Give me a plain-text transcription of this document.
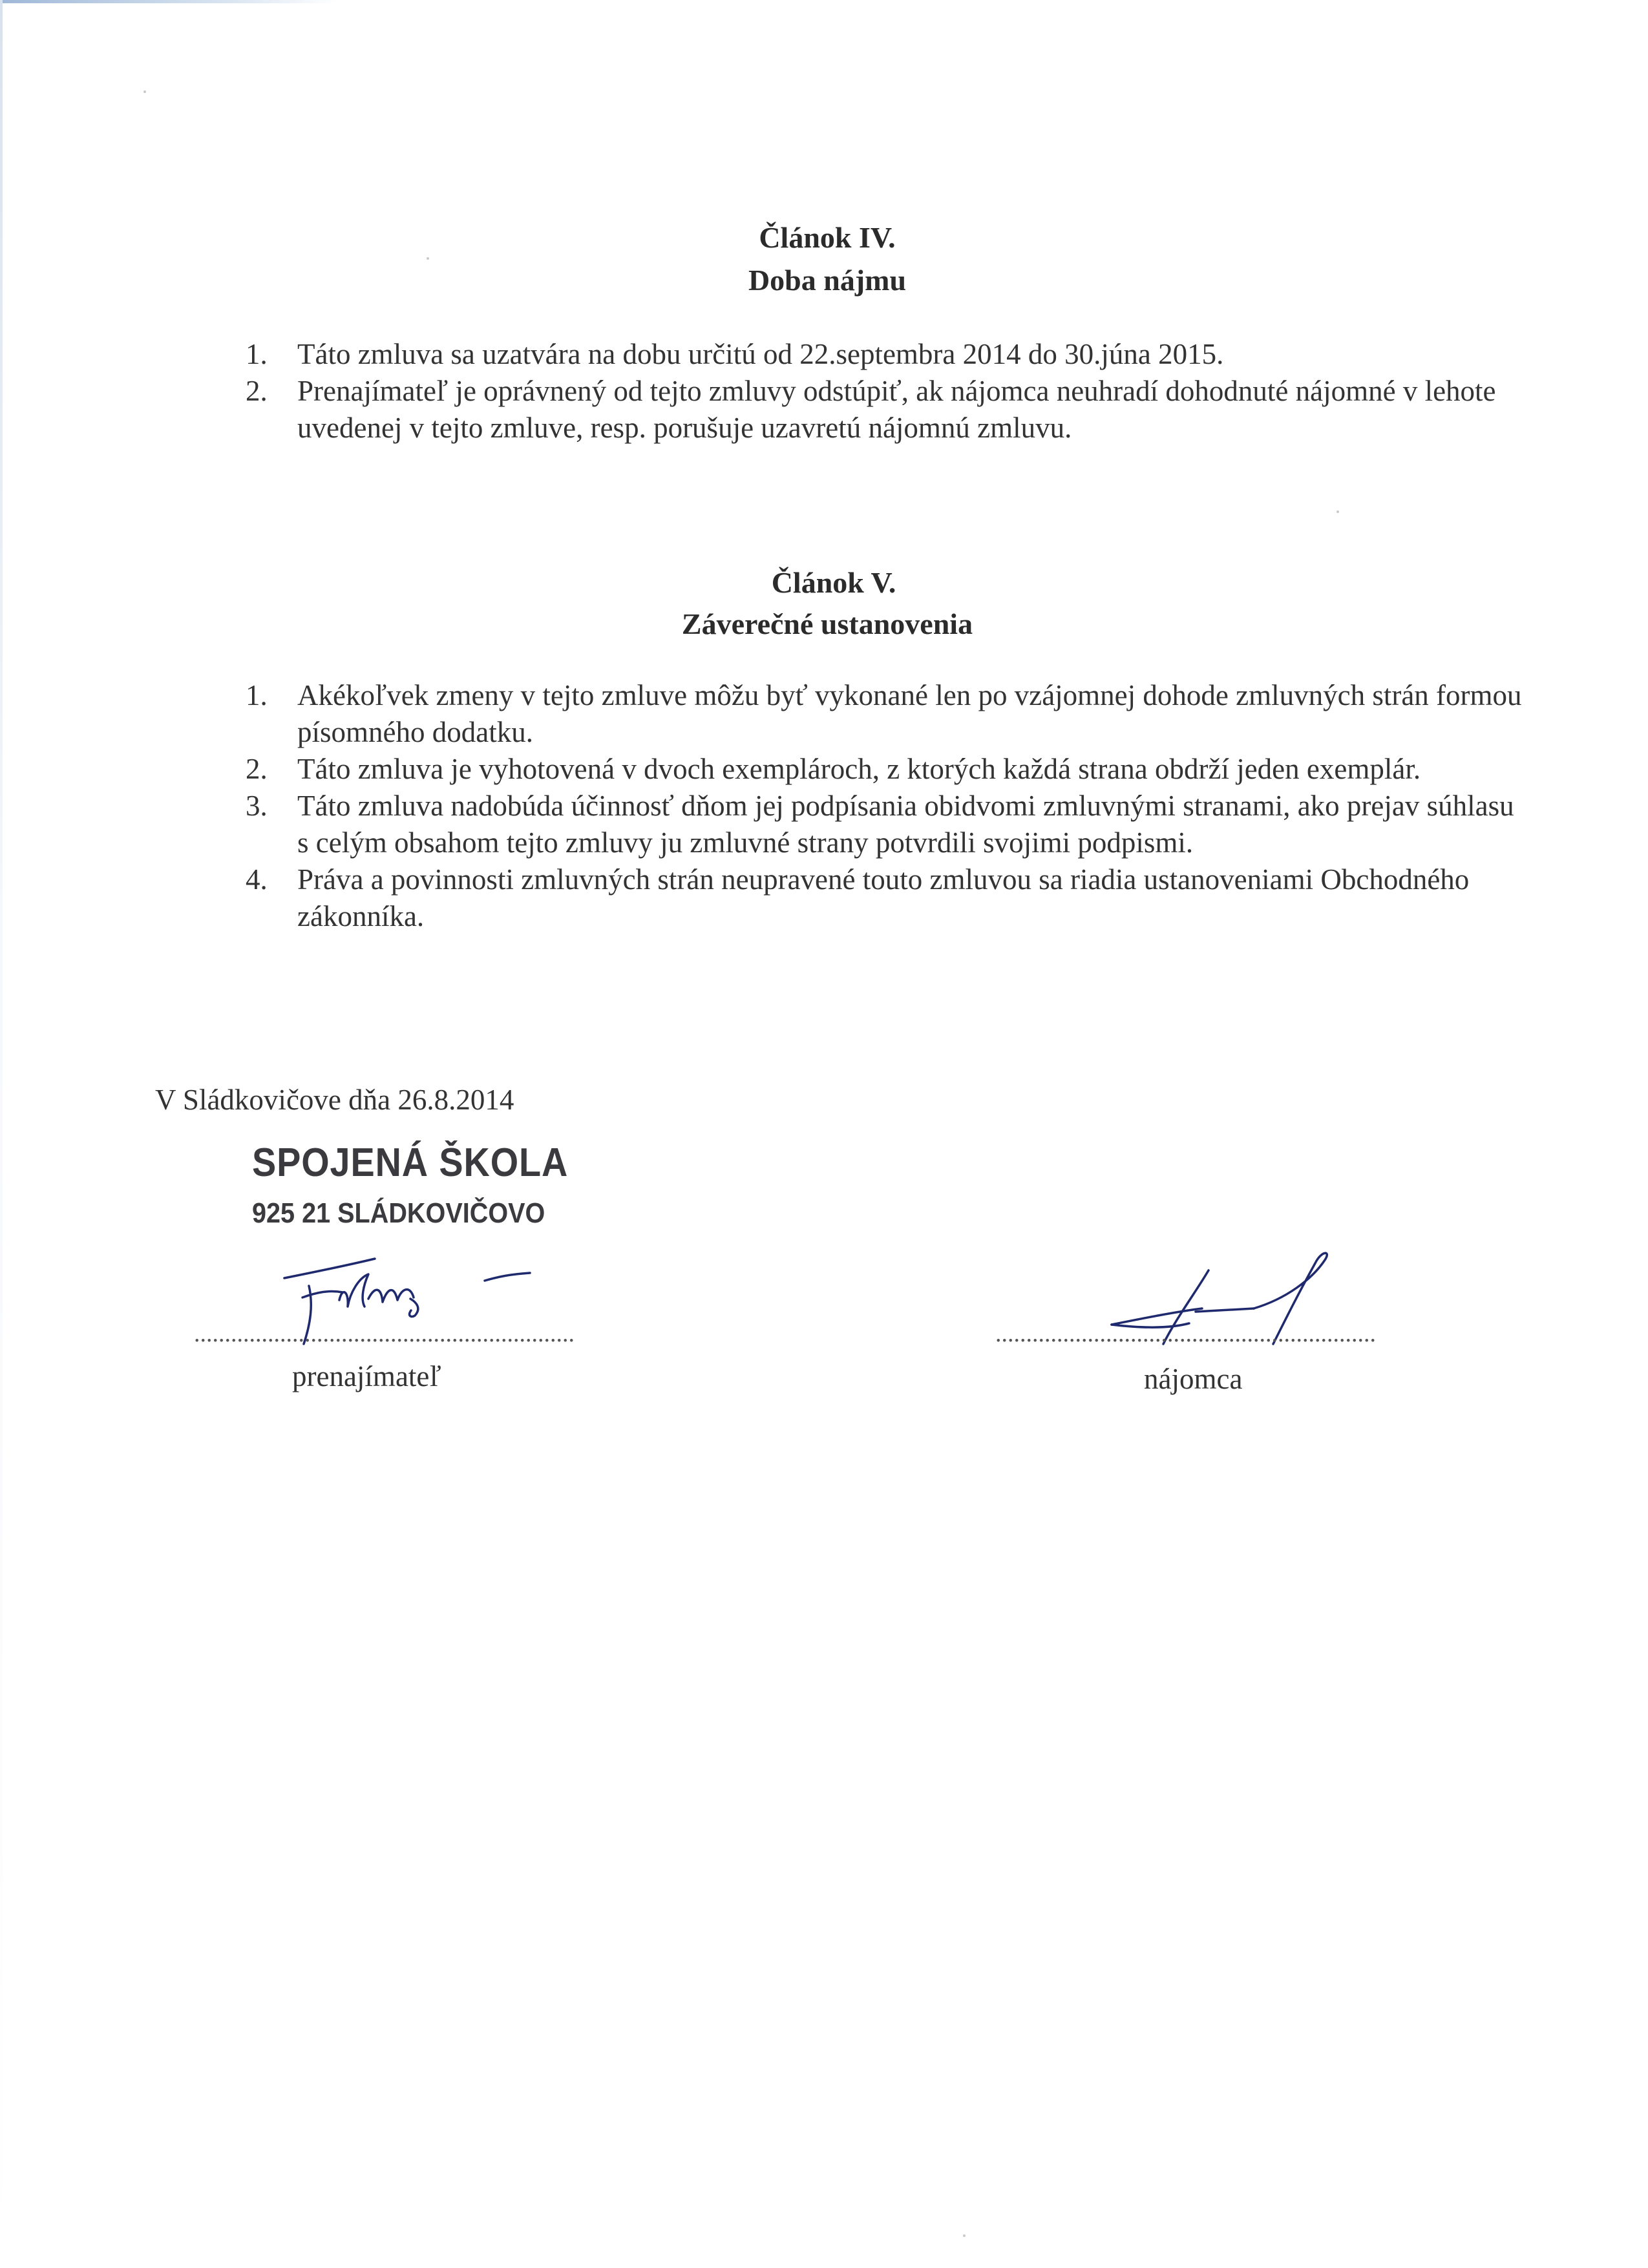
Článok IV.
Doba nájmu
1. Táto zmluva sa uzatvára na dobu určitú od 22.septembra 2014 do 30.júna 2015.
2. Prenajímateľ je oprávnený od tejto zmluvy odstúpiť, ak nájomca neuhradí dohodnuté nájomné v lehote uvedenej v tejto zmluve, resp. porušuje uzavretú nájomnú zmluvu.
Článok V.
Záverečné ustanovenia
1. Akékoľvek zmeny v tejto zmluve môžu byť vykonané len po vzájomnej dohode zmluvných strán formou písomného dodatku.
2. Táto zmluva je vyhotovená v dvoch exemplároch, z ktorých každá strana obdrží jeden exemplár.
3. Táto zmluva nadobúda účinnosť dňom jej podpísania obidvomi zmluvnými stranami, ako prejav súhlasu s celým obsahom tejto zmluvy ju zmluvné strany potvrdili svojimi podpismi.
4. Práva a povinnosti zmluvných strán neupravené touto zmluvou sa riadia ustanoveniami Obchodného zákonníka.
V Sládkovičove dňa 26.8.2014
SPOJENÁ ŠKOLA
925 21 SLÁDKOVIČOVO
..............................................................	..............................................................
prenajímateľ	nájomca
